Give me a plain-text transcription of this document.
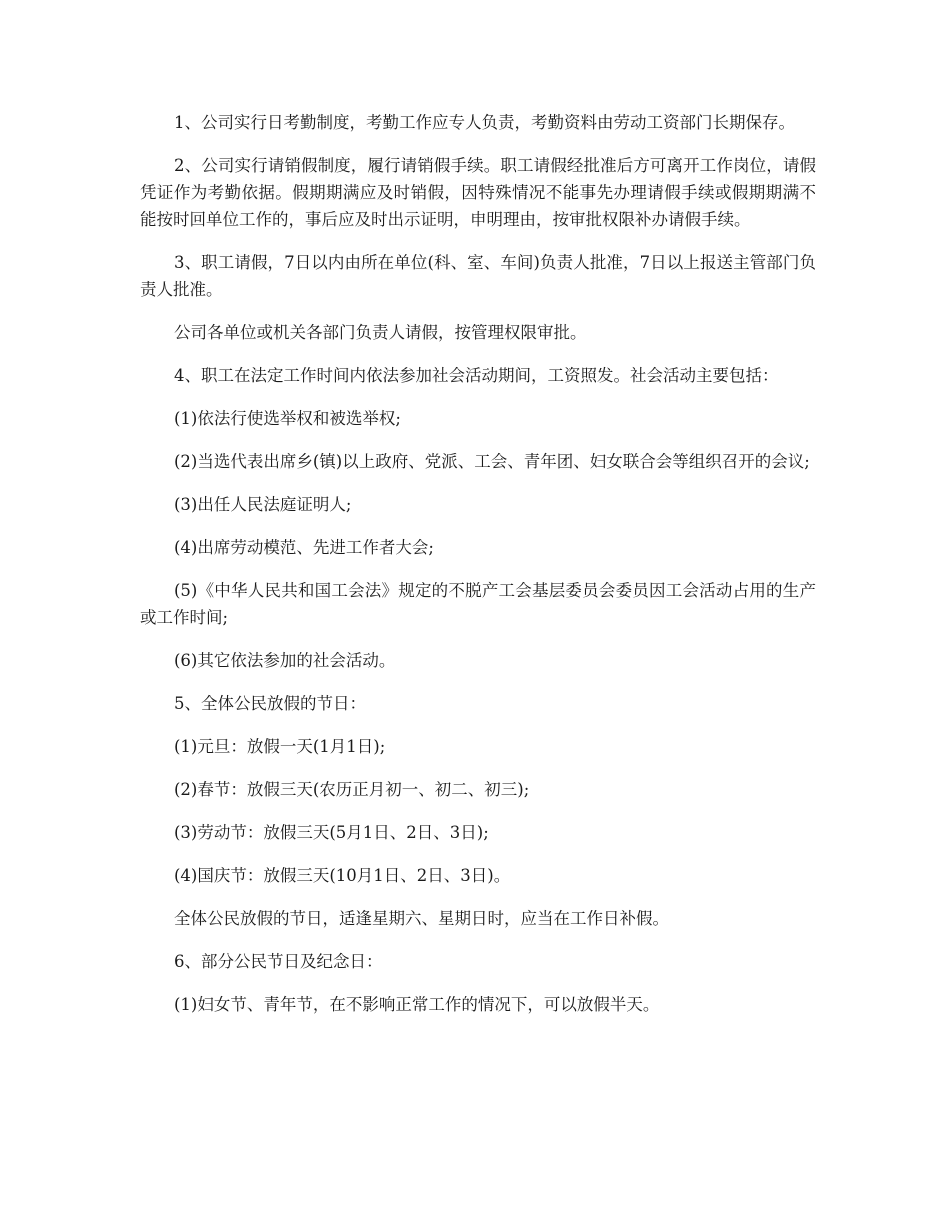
1、公司实行日考勤制度，考勤工作应专人负责，考勤资料由劳动工资部门长期保存。

2、公司实行请销假制度，履行请销假手续。职工请假经批准后方可离开工作岗位，请假凭证作为考勤依据。假期期满应及时销假，因特殊情况不能事先办理请假手续或假期期满不能按时回单位工作的，事后应及时出示证明，申明理由，按审批权限补办请假手续。

3、职工请假，7日以内由所在单位(科、室、车间)负责人批准，7日以上报送主管部门负责人批准。

公司各单位或机关各部门负责人请假，按管理权限审批。

4、职工在法定工作时间内依法参加社会活动期间，工资照发。社会活动主要包括：

(1)依法行使选举权和被选举权;

(2)当选代表出席乡(镇)以上政府、党派、工会、青年团、妇女联合会等组织召开的会议;

(3)出任人民法庭证明人;

(4)出席劳动模范、先进工作者大会;

(5)《中华人民共和国工会法》规定的不脱产工会基层委员会委员因工会活动占用的生产或工作时间;

(6)其它依法参加的社会活动。

5、全体公民放假的节日：

(1)元旦：放假一天(1月1日);

(2)春节：放假三天(农历正月初一、初二、初三);

(3)劳动节：放假三天(5月1日、2日、3日);

(4)国庆节：放假三天(10月1日、2日、3日)。

全体公民放假的节日，适逢星期六、星期日时，应当在工作日补假。

6、部分公民节日及纪念日：

(1)妇女节、青年节，在不影响正常工作的情况下，可以放假半天。
